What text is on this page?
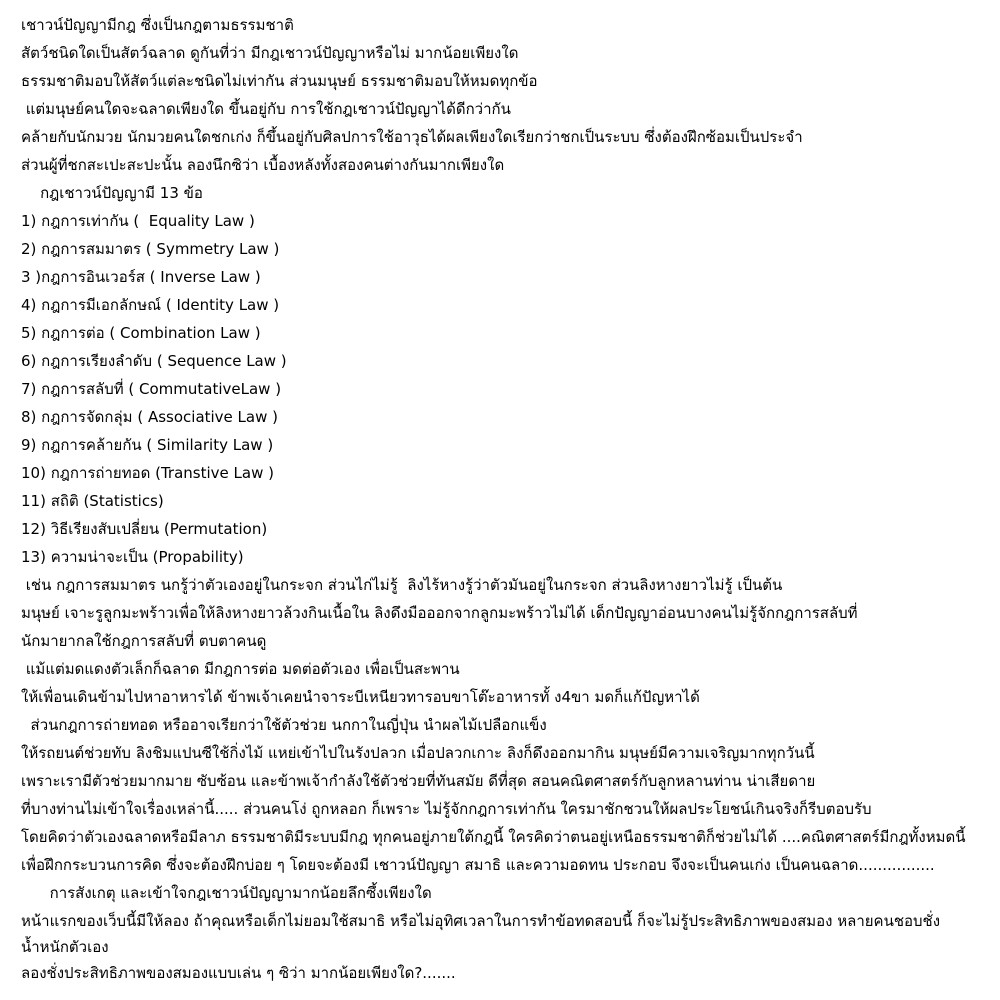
เชาวน์ปัญญามีกฎ ซึ่งเป็นกฎตามธรรมชาติ
สัตว์ชนิดใดเป็นสัตว์ฉลาด ดูกันที่ว่า มีกฎเชาวน์ปัญญาหรือไม่ มากน้อยเพียงใด
ธรรมชาติมอบให้สัตว์แต่ละชนิดไม่เท่ากัน ส่วนมนุษย์ ธรรมชาติมอบให้หมดทุกข้อ
แต่มนุษย์คนใดจะฉลาดเพียงใด ขึ้นอยู่กับ การใช้กฎเชาวน์ปัญญาได้ดีกว่ากัน
คล้ายกับนักมวย นักมวยคนใดชกเก่ง ก็ขึ้นอยู่กับศิลปการใช้อาวุธได้ผลเพียงใดเรียกว่าชกเป็นระบบ ซึ่งต้องฝึกซ้อมเป็นประจำ
ส่วนผู้ที่ชกสะเปะสะปะนั้น ลองนึกซิว่า เบื้องหลังทั้งสองคนต่างกันมากเพียงใด
กฎเชาวน์ปัญญามี 13 ข้อ
1) กฎการเท่ากัน (  Equality Law )
2) กฎการสมมาตร ( Symmetry Law )
3 )กฎการอินเวอร์ส ( Inverse Law )
4) กฎการมีเอกลักษณ์ ( Identity Law )
5) กฎการต่อ ( Combination Law )
6) กฎการเรียงลำดับ ( Sequence Law )
7) กฎการสลับที่ ( CommutativeLaw )
8) กฎการจัดกลุ่ม ( Associative Law )
9) กฎการคล้ายกัน ( Similarity Law )
10) กฎการถ่ายทอด (Transtive Law )
11) สถิติ (Statistics)
12) วิธีเรียงสับเปลี่ยน (Permutation)
13) ความน่าจะเป็น (Propability)
เช่น กฎการสมมาตร นกรู้ว่าตัวเองอยู่ในกระจก ส่วนไก่ไม่รู้  ลิงไร้หางรู้ว่าตัวมันอยู่ในกระจก ส่วนลิงหางยาวไม่รู้ เป็นต้น
มนุษย์ เจาะรูลูกมะพร้าวเพื่อให้ลิงหางยาวล้วงกินเนื้อใน ลิงดึงมือออกจากลูกมะพร้าวไม่ได้ เด็กปัญญาอ่อนบางคนไม่รู้จักกฎการสลับที่
นักมายากลใช้กฎการสลับที่ ตบตาคนดู
แม้แต่มดแดงตัวเล็กก็ฉลาด มีกฎการต่อ มดต่อตัวเอง เพื่อเป็นสะพาน
ให้เพื่อนเดินข้ามไปหาอาหารได้ ข้าพเจ้าเคยนำจาระบีเหนียวทารอบขาโต๊ะอาหารทั้ ง4ขา มดก็แก้ปัญหาได้
ส่วนกฎการถ่ายทอด หรืออาจเรียกว่าใช้ตัวช่วย นกกาในญี่ปุ่น นำผลไม้เปลือกแข็ง
ให้รถยนต์ช่วยทับ ลิงชิมแปนซีใช้กิ่งไม้ แหย่เข้าไปในรังปลวก เมื่อปลวกเกาะ ลิงก็ดึงออกมากิน มนุษย์มีความเจริญมากทุกวันนี้
เพราะเรามีตัวช่วยมากมาย ซับซ้อน และข้าพเจ้ากำลังใช้ตัวช่วยที่ทันสมัย ดีที่สุด สอนคณิตศาสตร์กับลูกหลานท่าน น่าเสียดาย
ที่บางท่านไม่เข้าใจเรื่องเหล่านี้..... ส่วนคนโง่ ถูกหลอก ก็เพราะ ไม่รู้จักกฎการเท่ากัน ใครมาชักชวนให้ผลประโยชน์เกินจริงก็รีบตอบรับ
โดยคิดว่าตัวเองฉลาดหรือมีลาภ ธรรมชาติมีระบบมีกฎ ทุกคนอยู่ภายใต้กฎนี้ ใครคิดว่าตนอยู่เหนือธรรมชาติก็ช่วยไม่ได้ ....คณิตศาสตร์มีกฎทั้งหมดนี้
เพื่อฝึกกระบวนการคิด ซึ่งจะต้องฝึกบ่อย ๆ โดยจะต้องมี เชาวน์ปัญญา สมาธิ และความอดทน ประกอบ จึงจะเป็นคนเก่ง เป็นคนฉลาด................
การสังเกตุ และเข้าใจกฎเชาวน์ปัญญามากน้อยลึกซึ้งเพียงใด
หน้าแรกของเว็บนี้มีให้ลอง ถ้าคุณหรือเด็กไม่ยอมใช้สมาธิ หรือไม่อุทิศเวลาในการทำข้อทดสอบนี้ ก็จะไม่รู้ประสิทธิภาพของสมอง หลายคนชอบชั่ง
น้ำหนักตัวเอง
ลองชั่งประสิทธิภาพของสมองแบบเล่น ๆ ซิว่า มากน้อยเพียงใด?.......
